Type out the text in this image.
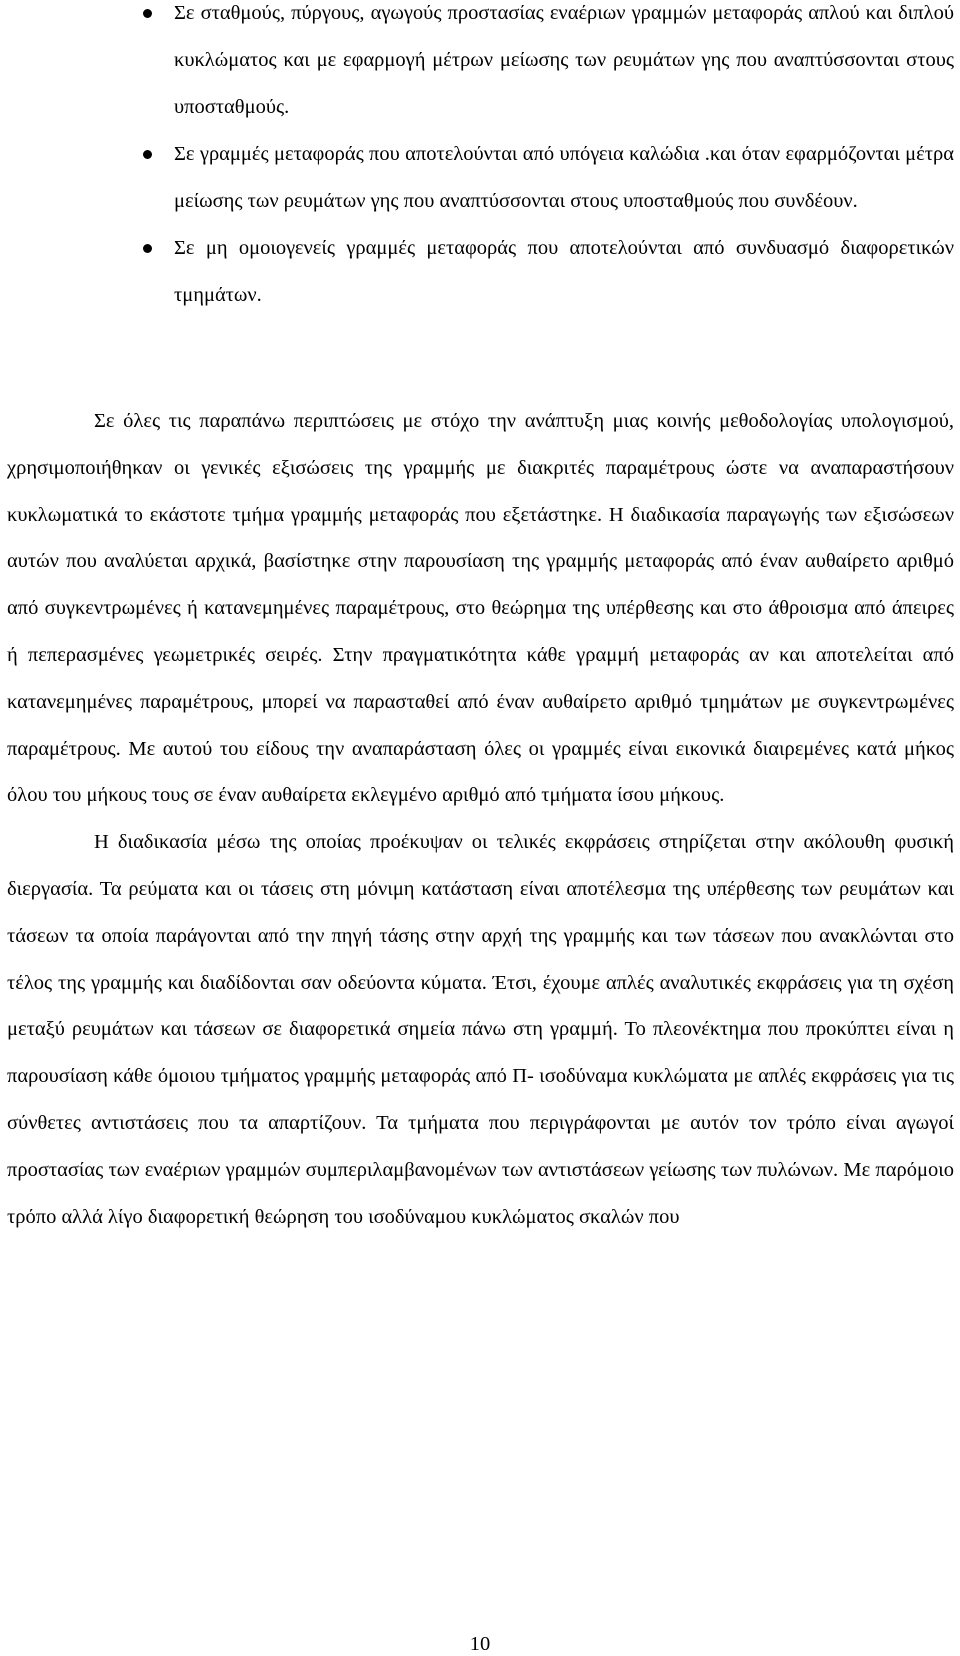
Σε σταθμούς, πύργους, αγωγούς προστασίας εναέριων γραμμών μεταφοράς απλού και διπλού κυκλώματος και με εφαρμογή μέτρων μείωσης των ρευμάτων γης που αναπτύσσονται στους υποσταθμούς.
Σε γραμμές μεταφοράς που αποτελούνται από υπόγεια καλώδια .και όταν εφαρμόζονται μέτρα μείωσης των ρευμάτων γης που αναπτύσσονται στους υποσταθμούς που συνδέουν.
Σε μη ομοιογενείς γραμμές μεταφοράς που αποτελούνται από συνδυασμό διαφορετικών τμημάτων.

Σε όλες τις παραπάνω περιπτώσεις με στόχο την ανάπτυξη μιας κοινής μεθοδολογίας υπολογισμού, χρησιμοποιήθηκαν οι γενικές εξισώσεις της γραμμής με διακριτές παραμέτρους ώστε να αναπαραστήσουν κυκλωματικά το εκάστοτε τμήμα γραμμής μεταφοράς που εξετάστηκε. Η διαδικασία παραγωγής των εξισώσεων αυτών που αναλύεται αρχικά, βασίστηκε στην παρουσίαση της γραμμής μεταφοράς από έναν αυθαίρετο αριθμό από συγκεντρωμένες ή κατανεμημένες παραμέτρους, στο θεώρημα της υπέρθεσης και στο άθροισμα από άπειρες ή πεπερασμένες γεωμετρικές σειρές. Στην πραγματικότητα κάθε γραμμή μεταφοράς αν και αποτελείται από κατανεμημένες παραμέτρους, μπορεί να παρασταθεί από έναν αυθαίρετο αριθμό τμημάτων με συγκεντρωμένες παραμέτρους. Με αυτού του είδους την αναπαράσταση όλες οι γραμμές είναι εικονικά διαιρεμένες κατά μήκος όλου του μήκους τους σε έναν αυθαίρετα εκλεγμένο αριθμό από τμήματα ίσου μήκους.

Η διαδικασία μέσω της οποίας προέκυψαν οι τελικές εκφράσεις στηρίζεται στην ακόλουθη φυσική διεργασία. Τα ρεύματα και οι τάσεις στη μόνιμη κατάσταση είναι αποτέλεσμα της υπέρθεσης των ρευμάτων και τάσεων τα οποία παράγονται από την πηγή τάσης στην αρχή της γραμμής και των τάσεων που ανακλώνται στο τέλος της γραμμής και διαδίδονται σαν οδεύοντα κύματα. Έτσι, έχουμε απλές αναλυτικές εκφράσεις για τη σχέση μεταξύ ρευμάτων και τάσεων σε διαφορετικά σημεία πάνω στη γραμμή. Το πλεονέκτημα που προκύπτει είναι η παρουσίαση κάθε όμοιου τμήματος γραμμής μεταφοράς από Π- ισοδύναμα κυκλώματα με απλές εκφράσεις για τις σύνθετες αντιστάσεις που τα απαρτίζουν. Τα τμήματα που περιγράφονται με αυτόν τον τρόπο είναι αγωγοί προστασίας των εναέριων γραμμών συμπεριλαμβανομένων των αντιστάσεων γείωσης των πυλώνων. Με παρόμοιο τρόπο αλλά λίγο διαφορετική θεώρηση του ισοδύναμου κυκλώματος σκαλών που

10
